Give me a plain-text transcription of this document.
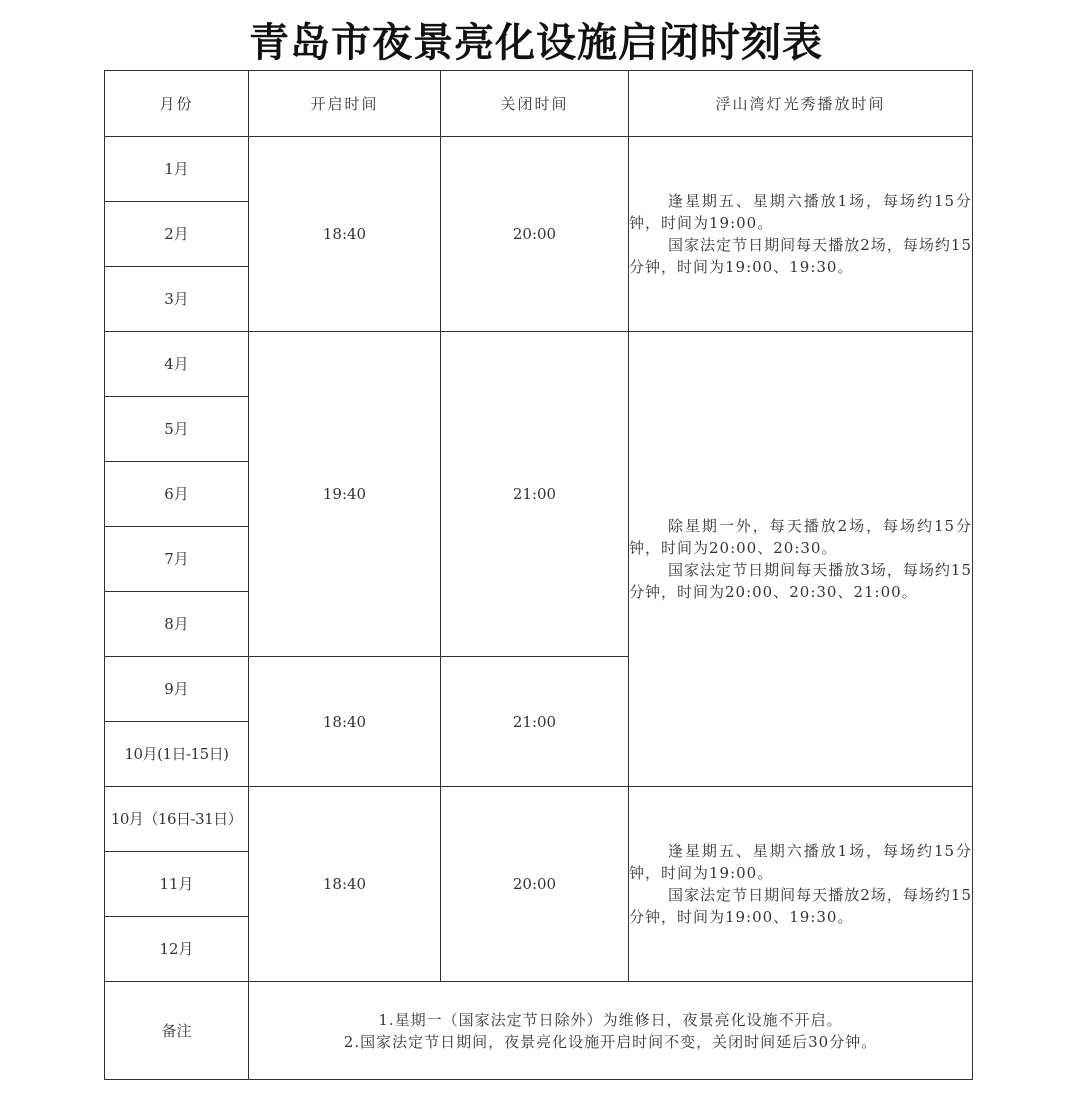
青岛市夜景亮化设施启闭时刻表
月份	开启时间	关闭时间	浮山湾灯光秀播放时间
1月	18:40	20:00	逢星期五、星期六播放1场，每场约15分钟，时间为19:00。

国家法定节日期间每天播放2场，每场约15分钟，时间为19:00、19:30。

2月			
3月			
4月	19:40	21:00	除星期一外，每天播放2场，每场约15分钟，时间为20:00、20:30。

国家法定节日期间每天播放3场，每场约15分钟，时间为20:00、20:30、21:00。

5月			
6月			
7月			
8月			
9月	18:40	21:00	
10月(1日-15日)			
10月（16日-31日）	18:40	20:00	逢星期五、星期六播放1场，每场约15分钟，时间为19:00。

国家法定节日期间每天播放2场，每场约15分钟，时间为19:00、19:30。

11月			
12月			
备注	1.星期一（国家法定节日除外）为维修日，夜景亮化设施不开启。

2.国家法定节日期间，夜景亮化设施开启时间不变，关闭时间延后30分钟。		
